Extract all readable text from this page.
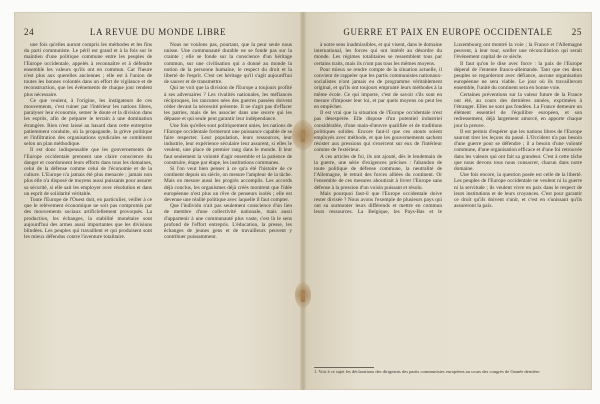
24	LA REVUE DU MONDE LIBRE

une fois qu'elles auront compris les méthodes et les fins du parti communiste. Le péril est grand et à la fois sur le maintien d'une politique commune entre les peuples de l'Europe occidentale, appelés à reconnaître et à défendre ensemble les valeurs qu'ils ont en commun. Car l'heure n'est plus aux querelles anciennes ; elle est à l'union de toutes les bonnes volontés dans un effort de vigilance et de reconstruction, que les événements de chaque jour rendent plus nécessaire.

Ce que veulent, à l'origine, les instigateurs de ces mouvements, c'est ruiner par l'intérieur les nations libres, paralyser leur économie, semer le doute et la division dans les esprits, afin de préparer le terrain à une domination étrangère. Rien n'est laissé au hasard dans cette entreprise patiemment conduite, où la propagande, la grève politique et l'infiltration des organisations syndicales se combinent selon un plan méthodique.

Il est donc indispensable que les gouvernements de l'Europe occidentale prennent une claire conscience du danger et coordonnent leurs efforts dans tous les domaines, celui de la défense comme celui de l'économie et de la culture. L'Europe n'a jamais été plus menacée ; jamais non plus elle n'a disposé de moyens aussi puissants pour assurer sa sécurité, si elle sait les employer avec résolution et dans un esprit de solidarité véritable.

Toute l'Europe de l'Ouest doit, en particulier, veiller à ce que le relèvement économique ne soit pas compromis par des mouvements sociaux artificiellement provoqués. La production, les échanges, la stabilité monétaire sont aujourd'hui des armes aussi importantes que les divisions blindées. Les peuples qui travaillent et qui produisent sont les mieux défendus contre l'aventure totalitaire.

Nous ne voulons pas, pourtant, que la peur seule nous unisse. Une communauté durable ne se fonde pas sur la crainte ; elle se fonde sur la conscience d'un héritage commun, sur une civilisation qui a donné au monde la notion de la personne humaine, le respect du droit et la liberté de l'esprit. C'est cet héritage qu'il s'agit aujourd'hui de sauver et de transmettre.

Qui ne voit que la division de l'Europe a toujours profité à ses adversaires ? Les rivalités nationales, les méfiances réciproques, les rancunes nées des guerres passées doivent céder devant la nécessité présente. Il ne s'agit pas d'effacer les patries, mais de les associer dans une œuvre qui les dépasse et qui seule peut garantir leur indépendance.

Une fois qu'elles sont politiquement unies, les nations de l'Europe occidentale formeront une puissance capable de se faire respecter. Leur population, leurs ressources, leur industrie, leur expérience séculaire leur assurent, si elles le veulent, une place de premier rang dans le monde. Il leur faut seulement la volonté d'agir ensemble et la patience de construire, étape par étape, les institutions communes.

Si l'on veut bien penser à ce qu'a été l'histoire de ce continent depuis un siècle, on mesure l'ampleur de la tâche. Mais on mesure aussi les progrès accomplis. Les accords déjà conclus, les organismes déjà créés montrent que l'idée européenne n'est plus un rêve de penseurs isolés ; elle est devenue une réalité politique avec laquelle il faut compter.

Que l'individu n'ait pas seulement conscience d'un lien de membre d'une collectivité nationale, mais aussi d'appartenir à une communauté plus vaste, c'est là le sens profond de l'effort entrepris. L'éducation, la presse, les échanges de jeunes gens et de travailleurs peuvent y contribuer puissamment.

GUERRE ET PAIX EN EUROPE OCCIDENTALE	25

à notre sens inadmissibles, et qui visent, dans le domaine international, les forces qui ont intérêt au désordre du monde. Les régimes totalitaires se ressemblent tous par certains traits, mais ils n'ont pas tous les mêmes moyens.

Pour mieux se rendre compte de la situation actuelle, il convient de rappeler que les partis communistes nationaux-socialistes n'ont jamais eu de programme véritablement original, et qu'ils ont toujours emprunté leurs méthodes à la même école. Ce qui importe, c'est de savoir s'ils sont en mesure d'imposer leur loi, et par quels moyens on peut les en empêcher.

Il est vrai que la situation de l'Europe occidentale n'est pas désespérée. Elle dispose d'un potentiel industriel considérable, d'une main-d'œuvre qualifiée et de traditions politiques solides. Encore faut-il que ces atouts soient employés avec méthode, et que les gouvernements sachent résister aux pressions qui s'exercent sur eux de l'intérieur comme de l'extérieur.

A ces articles de foi, ils ont ajouté, dès le lendemain de la guerre, une série d'exigences précises : l'abandon de toute politique de défense commune, la neutralité de l'Allemagne, le retrait des forces alliées du continent. Or l'ensemble de ces mesures aboutirait à livrer l'Europe sans défense à la pression d'un voisin puissant et résolu.

Mais pourquoi faut-il que l'Europe occidentale doive rester divisée ? Nous avons l'exemple de plusieurs pays qui ont su surmonter leurs différends et mettre en commun leurs ressources. La Belgique, les Pays-Bas et le Luxembourg ont montré la voie ; la France et l'Allemagne peuvent, à leur tour, sceller une réconciliation qui serait l'événement capital de ce siècle.

Il faut qu'on le dise avec force : la paix de l'Europe dépend de l'entente franco-allemande. Tant que ces deux peuples se regarderont avec défiance, aucune organisation européenne ne sera viable. Le jour où ils travailleront ensemble, l'unité du continent sera en bonne voie.

Certaines préventions sur la valeur future de la France ont été, au cours des dernières années, exprimées à l'étranger. Elles ne sont pas fondées. La France demeure un élément essentiel de l'équilibre européen, et son redressement, déjà largement amorcé, en apporte chaque jour la preuve.

Il est permis d'espérer que les nations libres de l'Europe sauront tirer les leçons du passé. L'Occident n'a pas besoin d'une guerre pour se défendre ; il a besoin d'une volonté commune, d'une organisation efficace et d'une foi retrouvée dans les valeurs qui ont fait sa grandeur. C'est à cette tâche que nous devons tous nous consacrer, chacun dans notre domaine.

Une fois encore, la question posée est celle de la liberté. Les peuples de l'Europe occidentale ne veulent ni la guerre ni la servitude ; ils veulent vivre en paix dans le respect de leurs institutions et de leurs croyances. C'est pour garantir ce droit qu'ils doivent s'unir, et c'est en s'unissant qu'ils assureront la paix.

1. Voir à ce sujet les déclarations des dirigeants des partis communistes européens au cours des congrès de l'année dernière.
